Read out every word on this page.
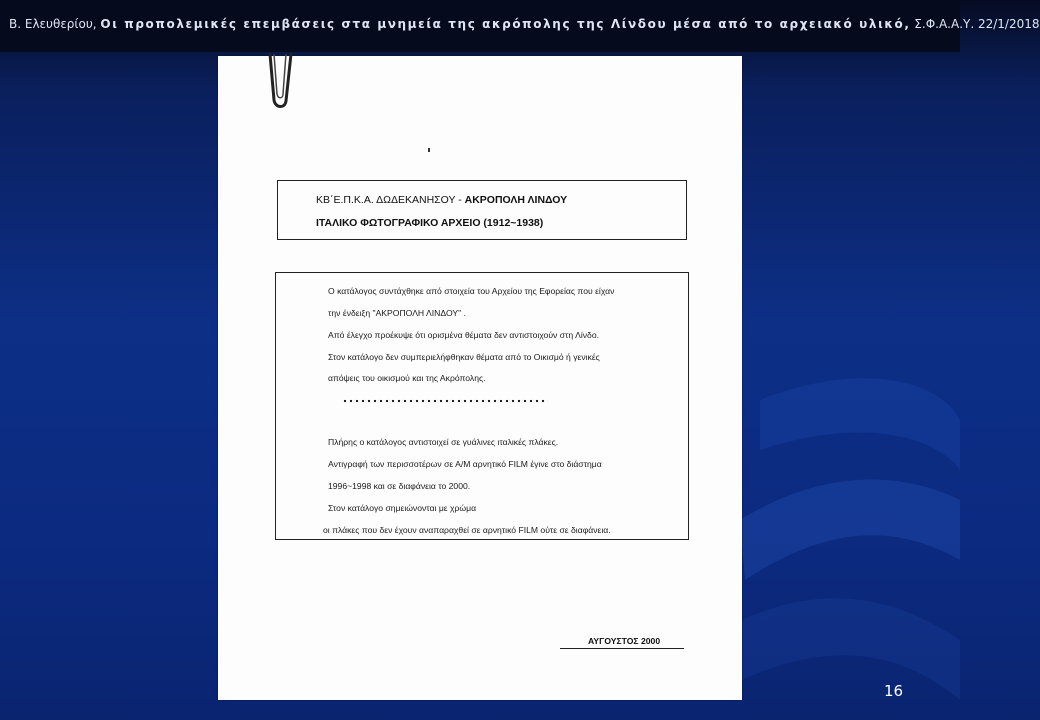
Β. Ελευθερίου, Οι προπολεμικές επεμβάσεις στα μνημεία της ακρόπολης της Λίνδου μέσα από το αρχειακό υλικό, Σ.Φ.Α.Α.Υ. 22/1/2018
ΚΒ΄Ε.Π.Κ.Α. ΔΩΔΕΚΑΝΗΣΟΥ - ΑΚΡΟΠΟΛΗ ΛΙΝΔΟΥ
ΙΤΑΛΙΚΟ ΦΩΤΟΓΡΑΦΙΚΟ ΑΡΧΕΙΟ (1912~1938)
Ο κατάλογος συντάχθηκε από στοιχεία του Αρχείου της Εφορείας που είχαν
την ένδειξη "ΑΚΡΟΠΟΛΗ ΛΙΝΔΟΥ" .
Από έλεγχο προέκυψε ότι ορισμένα θέματα δεν αντιστοιχούν στη Λίνδο.
Στον κατάλογο δεν συμπεριελήφθηκαν θέματα από το Οικισμό ή γενικές
απόψεις του οικισμού και της Ακρόπολης.
Πλήρης ο κατάλογος αντιστοιχεί σε γυάλινες ιταλικές πλάκες.
Αντιγραφή των περισσοτέρων σε Α/Μ αρνητικό FILM έγινε στο διάστημα
1996~1998 και σε διαφάνεια το 2000.
Στον κατάλογο σημειώνονται με χρώμα
οι πλάκες που δεν έχουν αναπαραχθεί σε αρνητικό FILM ούτε σε διαφάνεια.
ΑΥΓΟΥΣΤΟΣ 2000
16
